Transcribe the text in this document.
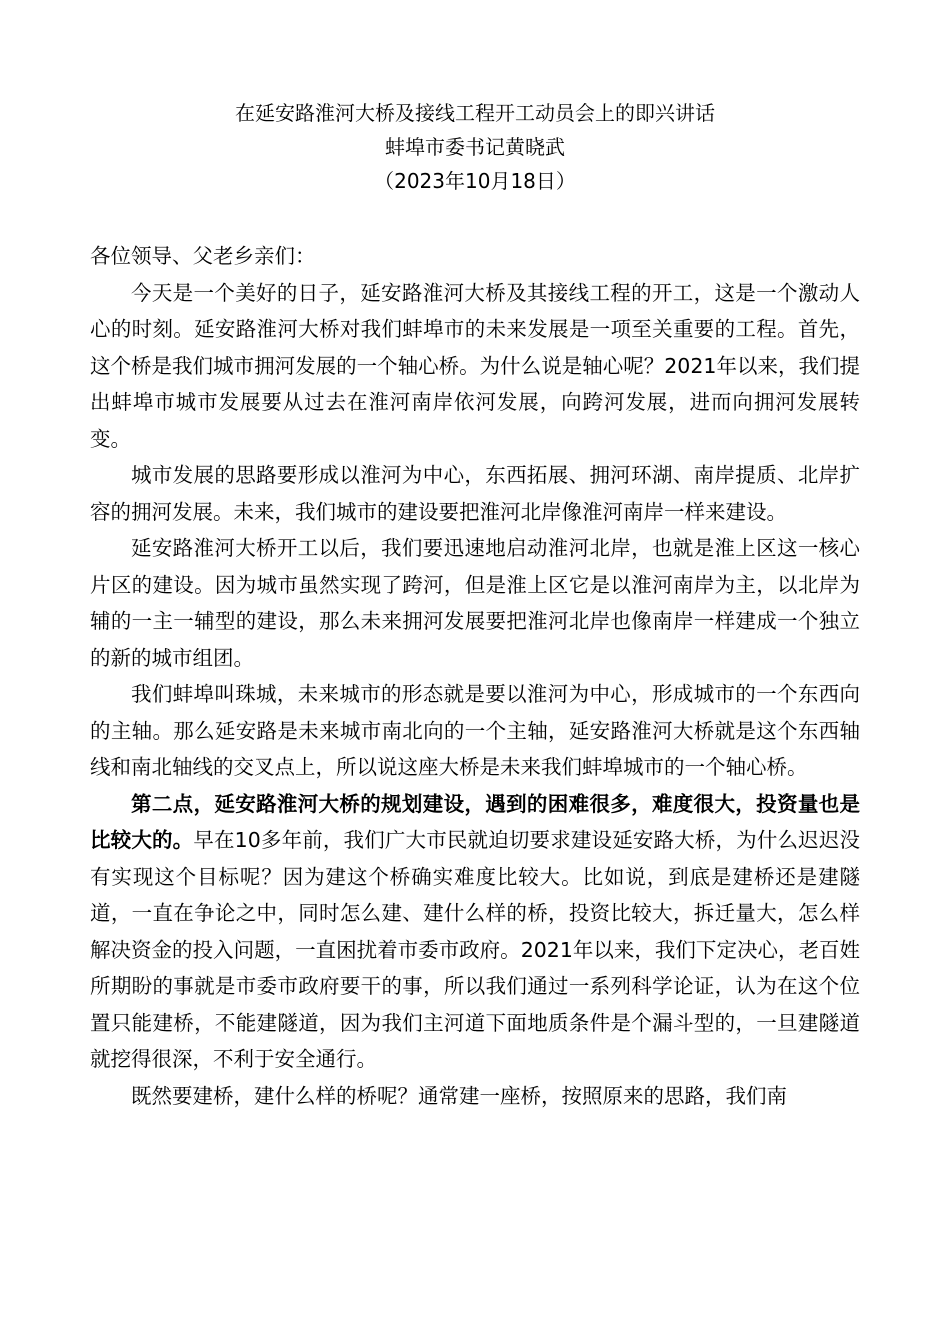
在延安路淮河大桥及接线工程开工动员会上的即兴讲话

蚌埠市委书记黄晓武

（2023年10月18日）

各位领导、父老乡亲们：

今天是一个美好的日子，延安路淮河大桥及其接线工程的开工，这是一个激动人心的时刻。延安路淮河大桥对我们蚌埠市的未来发展是一项至关重要的工程。首先，这个桥是我们城市拥河发展的一个轴心桥。为什么说是轴心呢？2021年以来，我们提出蚌埠市城市发展要从过去在淮河南岸依河发展，向跨河发展，进而向拥河发展转变。

城市发展的思路要形成以淮河为中心，东西拓展、拥河环湖、南岸提质、北岸扩容的拥河发展。未来，我们城市的建设要把淮河北岸像淮河南岸一样来建设。

延安路淮河大桥开工以后，我们要迅速地启动淮河北岸，也就是淮上区这一核心片区的建设。因为城市虽然实现了跨河，但是淮上区它是以淮河南岸为主，以北岸为辅的一主一辅型的建设，那么未来拥河发展要把淮河北岸也像南岸一样建成一个独立的新的城市组团。

我们蚌埠叫珠城，未来城市的形态就是要以淮河为中心，形成城市的一个东西向的主轴。那么延安路是未来城市南北向的一个主轴，延安路淮河大桥就是这个东西轴线和南北轴线的交叉点上，所以说这座大桥是未来我们蚌埠城市的一个轴心桥。

第二点，延安路淮河大桥的规划建设，遇到的困难很多，难度很大，投资量也是比较大的。早在10多年前，我们广大市民就迫切要求建设延安路大桥，为什么迟迟没有实现这个目标呢？因为建这个桥确实难度比较大。比如说，到底是建桥还是建隧道，一直在争论之中，同时怎么建、建什么样的桥，投资比较大，拆迁量大，怎么样解决资金的投入问题，一直困扰着市委市政府。2021年以来，我们下定决心，老百姓所期盼的事就是市委市政府要干的事，所以我们通过一系列科学论证，认为在这个位置只能建桥，不能建隧道，因为我们主河道下面地质条件是个漏斗型的，一旦建隧道就挖得很深，不利于安全通行。

既然要建桥，建什么样的桥呢？通常建一座桥，按照原来的思路，我们南
